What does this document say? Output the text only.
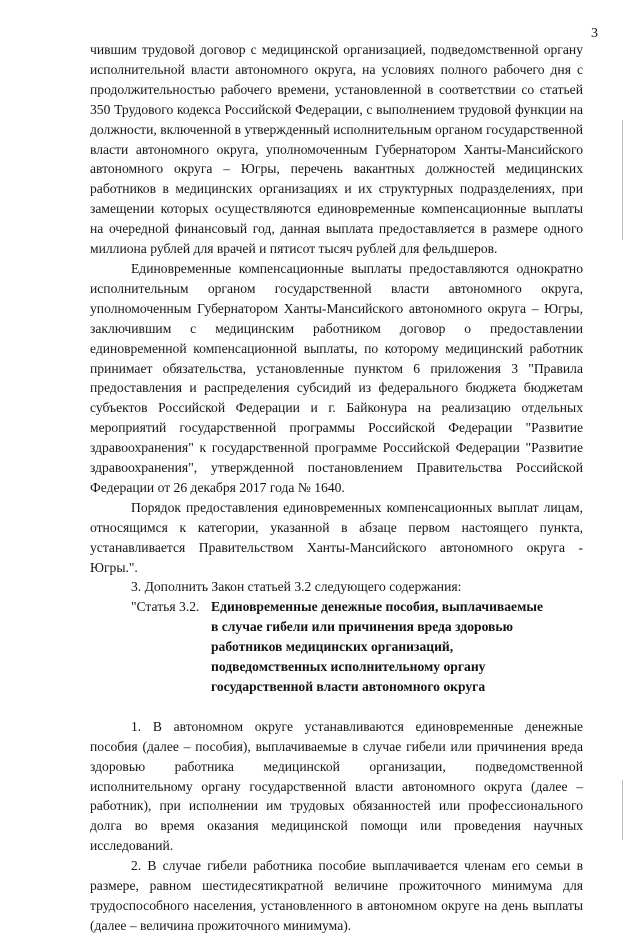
3

чившим трудовой договор с медицинской организацией, подведомственной органу исполнительной власти автономного округа, на условиях полного рабочего дня с продолжительностью рабочего времени, установленной в соответствии со статьей 350 Трудового кодекса Российской Федерации, с выполнением трудовой функции на должности, включенной в утвержденный исполнительным органом государственной власти автономного округа, уполномоченным Губернатором Ханты-Мансийского автономного округа – Югры, перечень вакантных должностей медицинских работников в медицинских организациях и их структурных подразделениях, при замещении которых осуществляются единовременные компенсационные выплаты на очередной финансовый год, данная выплата предоставляется в размере одного миллиона рублей для врачей и пятисот тысяч рублей для фельдшеров.

Единовременные компенсационные выплаты предоставляются однократно исполнительным органом государственной власти автономного округа, уполномоченным Губернатором Ханты-Мансийского автономного округа – Югры, заключившим с медицинским работником договор о предоставлении единовременной компенсационной выплаты, по которому медицинский работник принимает обязательства, установленные пунктом 6 приложения 3 "Правила предоставления и распределения субсидий из федерального бюджета бюджетам субъектов Российской Федерации и г. Байконура на реализацию отдельных мероприятий государственной программы Российской Федерации "Развитие здравоохранения" к государственной программе Российской Федерации "Развитие здравоохранения", утвержденной постановлением Правительства Российской Федерации от 26 декабря 2017 года № 1640.

Порядок предоставления единовременных компенсационных выплат лицам, относящимся к категории, указанной в абзаце первом настоящего пункта, устанавливается Правительством Ханты-Мансийского автономного округа - Югры.".

3. Дополнить Закон статьей 3.2 следующего содержания:

"Статья 3.2. Единовременные денежные пособия, выплачиваемые
в случае гибели или причинения вреда здоровью
работников медицинских организаций,
подведомственных исполнительному органу
государственной власти автономного округа

1. В автономном округе устанавливаются единовременные денежные пособия (далее – пособия), выплачиваемые в случае гибели или причинения вреда здоровью работника медицинской организации, подведомственной исполнительному органу государственной власти автономного округа (далее – работник), при исполнении им трудовых обязанностей или профессионального долга во время оказания медицинской помощи или проведения научных исследований.

2. В случае гибели работника пособие выплачивается членам его семьи в размере, равном шестидесятикратной величине прожиточного минимума для трудоспособного населения, установленного в автономном округе на день выплаты (далее – величина прожиточного минимума).
